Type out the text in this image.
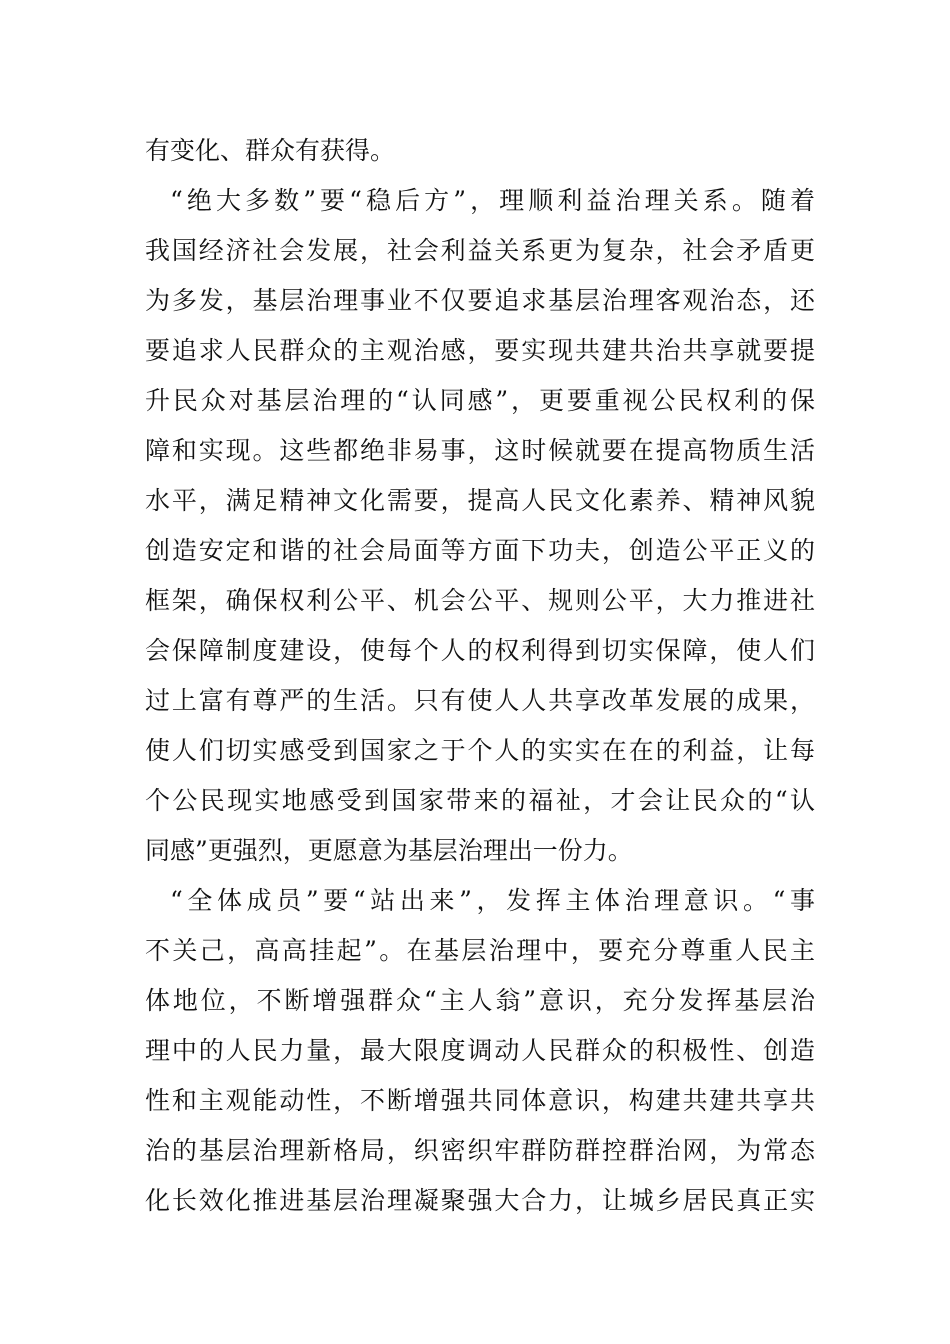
有变化、群众有获得。
“绝大多数”要“稳后方”，理顺利益治理关系。随着
我国经济社会发展，社会利益关系更为复杂，社会矛盾更
为多发，基层治理事业不仅要追求基层治理客观治态，还
要追求人民群众的主观治感，要实现共建共治共享就要提
升民众对基层治理的“认同感”，更要重视公民权利的保
障和实现。这些都绝非易事，这时候就要在提高物质生活
水平，满足精神文化需要，提高人民文化素养、精神风貌
创造安定和谐的社会局面等方面下功夫，创造公平正义的
框架，确保权利公平、机会公平、规则公平，大力推进社
会保障制度建设，使每个人的权利得到切实保障，使人们
过上富有尊严的生活。只有使人人共享改革发展的成果，
使人们切实感受到国家之于个人的实实在在的利益，让每
个公民现实地感受到国家带来的福祉，才会让民众的“认
同感”更强烈，更愿意为基层治理出一份力。
“全体成员”要“站出来”，发挥主体治理意识。“事
不关己，高高挂起”。在基层治理中，要充分尊重人民主
体地位，不断增强群众“主人翁”意识，充分发挥基层治
理中的人民力量，最大限度调动人民群众的积极性、创造
性和主观能动性，不断增强共同体意识，构建共建共享共
治的基层治理新格局，织密织牢群防群控群治网，为常态
化长效化推进基层治理凝聚强大合力，让城乡居民真正实
